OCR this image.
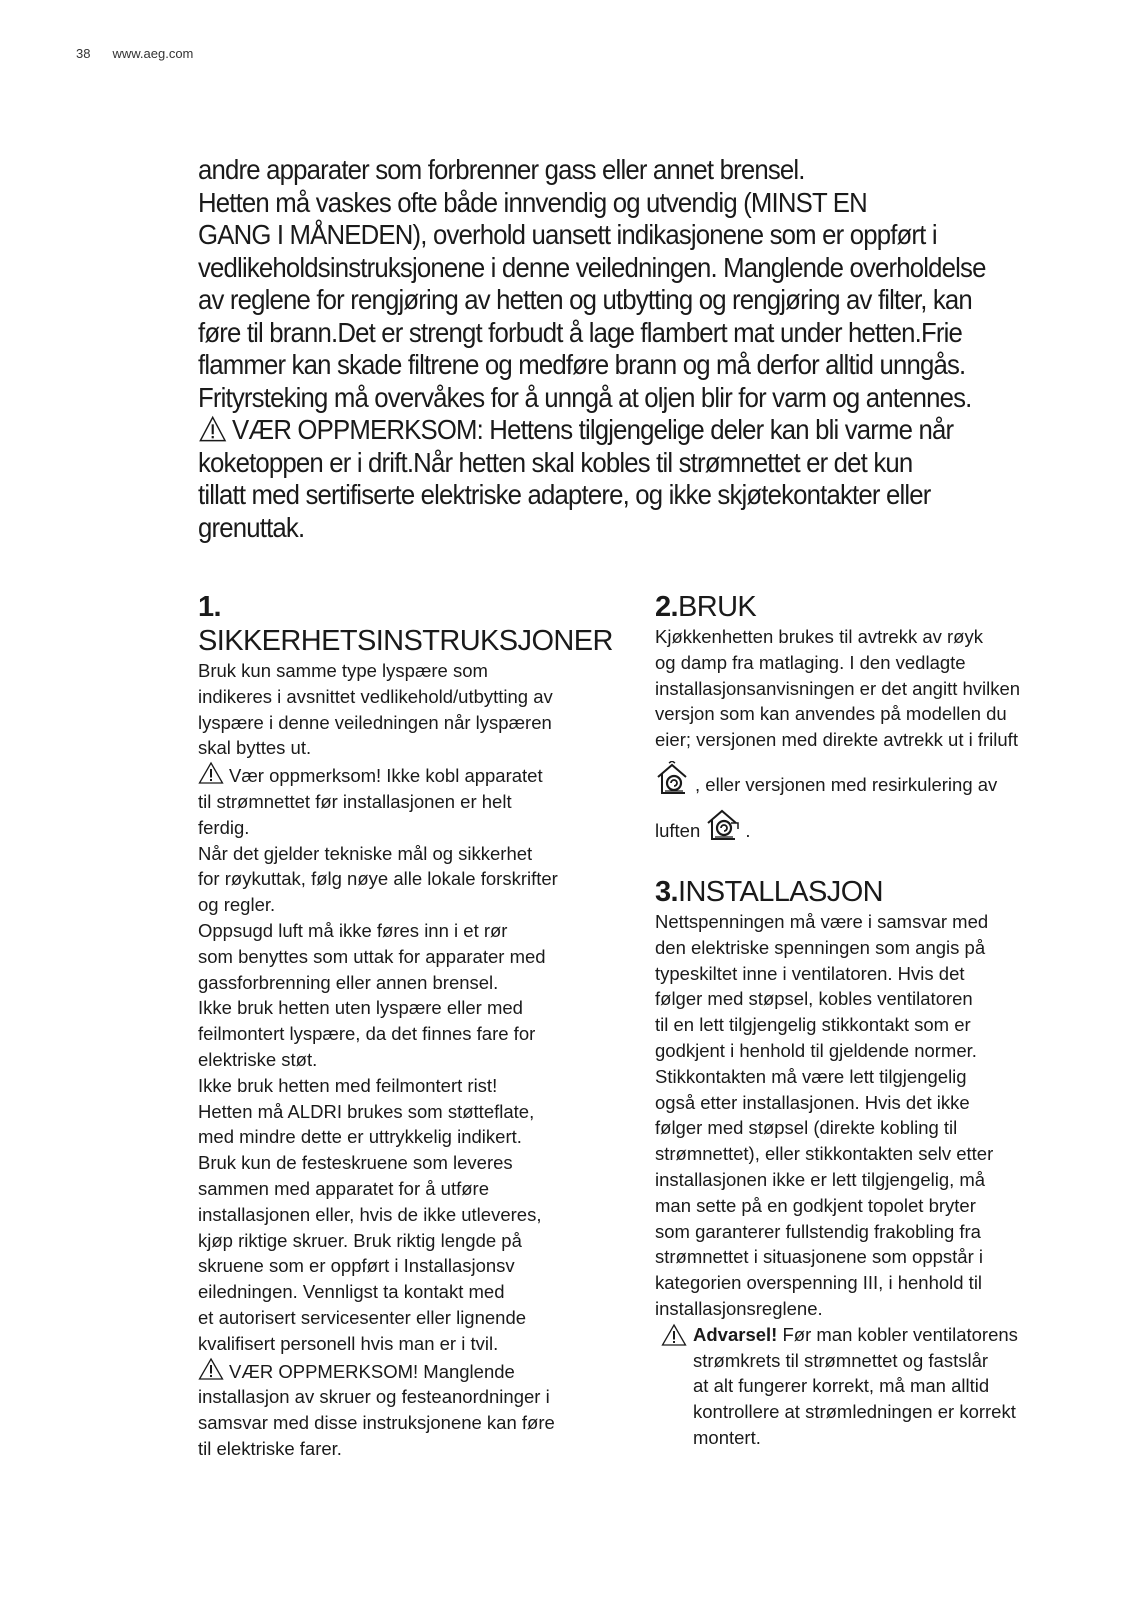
38 www.aeg.com
andre apparater som forbrenner gass eller annet brensel.
Hetten må vaskes ofte både innvendig og utvendig (MINST EN
GANG I MÅNEDEN), overhold uansett indikasjonene som er oppført i
vedlikeholdsinstruksjonene i denne veiledningen. Manglende overholdelse
av reglene for rengjøring av hetten og utbytting og rengjøring av filter, kan
føre til brann.Det er strengt forbudt å lage flambert mat under hetten.Frie
flammer kan skade filtrene og medføre brann og må derfor alltid unngås.
Frityrsteking må overvåkes for å unngå at oljen blir for varm og antennes.
VÆR OPPMERKSOM: Hettens tilgjengelige deler kan bli varme når
koketoppen er i drift.Når hetten skal kobles til strømnettet er det kun
tillatt med sertifiserte elektriske adaptere, og ikke skjøtekontakter eller
grenuttak.
1. SIKKERHETSINSTRUKSJONER
Bruk kun samme type lyspære som
indikeres i avsnittet vedlikehold/utbytting av
lyspære i denne veiledningen når lyspæren
skal byttes ut.
Vær oppmerksom! Ikke kobl apparatet
til strømnettet før installasjonen er helt
ferdig.
Når det gjelder tekniske mål og sikkerhet
for røykuttak, følg nøye alle lokale forskrifter
og regler.
Oppsugd luft må ikke føres inn i et rør
som benyttes som uttak for apparater med
gassforbrenning eller annen brensel.
Ikke bruk hetten uten lyspære eller med
feilmontert lyspære, da det finnes fare for
elektriske støt.
Ikke bruk hetten med feilmontert rist!
Hetten må ALDRI brukes som støtteflate,
med mindre dette er uttrykkelig indikert.
Bruk kun de festeskruene som leveres
sammen med apparatet for å utføre
installasjonen eller, hvis de ikke utleveres,
kjøp riktige skruer. Bruk riktig lengde på
skruene som er oppført i Installasjonsv
eiledningen. Vennligst ta kontakt med
et autorisert servicesenter eller lignende
kvalifisert personell hvis man er i tvil.
VÆR OPPMERKSOM! Manglende
installasjon av skruer og festeanordninger i
samsvar med disse instruksjonene kan føre
til elektriske farer.
2.BRUK
Kjøkkenhetten brukes til avtrekk av røyk
og damp fra matlaging. I den vedlagte
installasjonsanvisningen er det angitt hvilken
versjon som kan anvendes på modellen du
eier; versjonen med direkte avtrekk ut i friluft
, eller versjonen med resirkulering av
luften .
3.INSTALLASJON
Nettspenningen må være i samsvar med
den elektriske spenningen som angis på
typeskiltet inne i ventilatoren. Hvis det
følger med støpsel, kobles ventilatoren
til en lett tilgjengelig stikkontakt som er
godkjent i henhold til gjeldende normer.
Stikkontakten må være lett tilgjengelig
også etter installasjonen. Hvis det ikke
følger med støpsel (direkte kobling til
strømnettet), eller stikkontakten selv etter
installasjonen ikke er lett tilgjengelig, må
man sette på en godkjent topolet bryter
som garanterer fullstendig frakobling fra
strømnettet i situasjonene som oppstår i
kategorien overspenning III, i henhold til
installasjonsreglene.
Advarsel! Før man kobler ventilatorens
strømkrets til strømnettet og fastslår
at alt fungerer korrekt, må man alltid
kontrollere at strømledningen er korrekt
montert.
